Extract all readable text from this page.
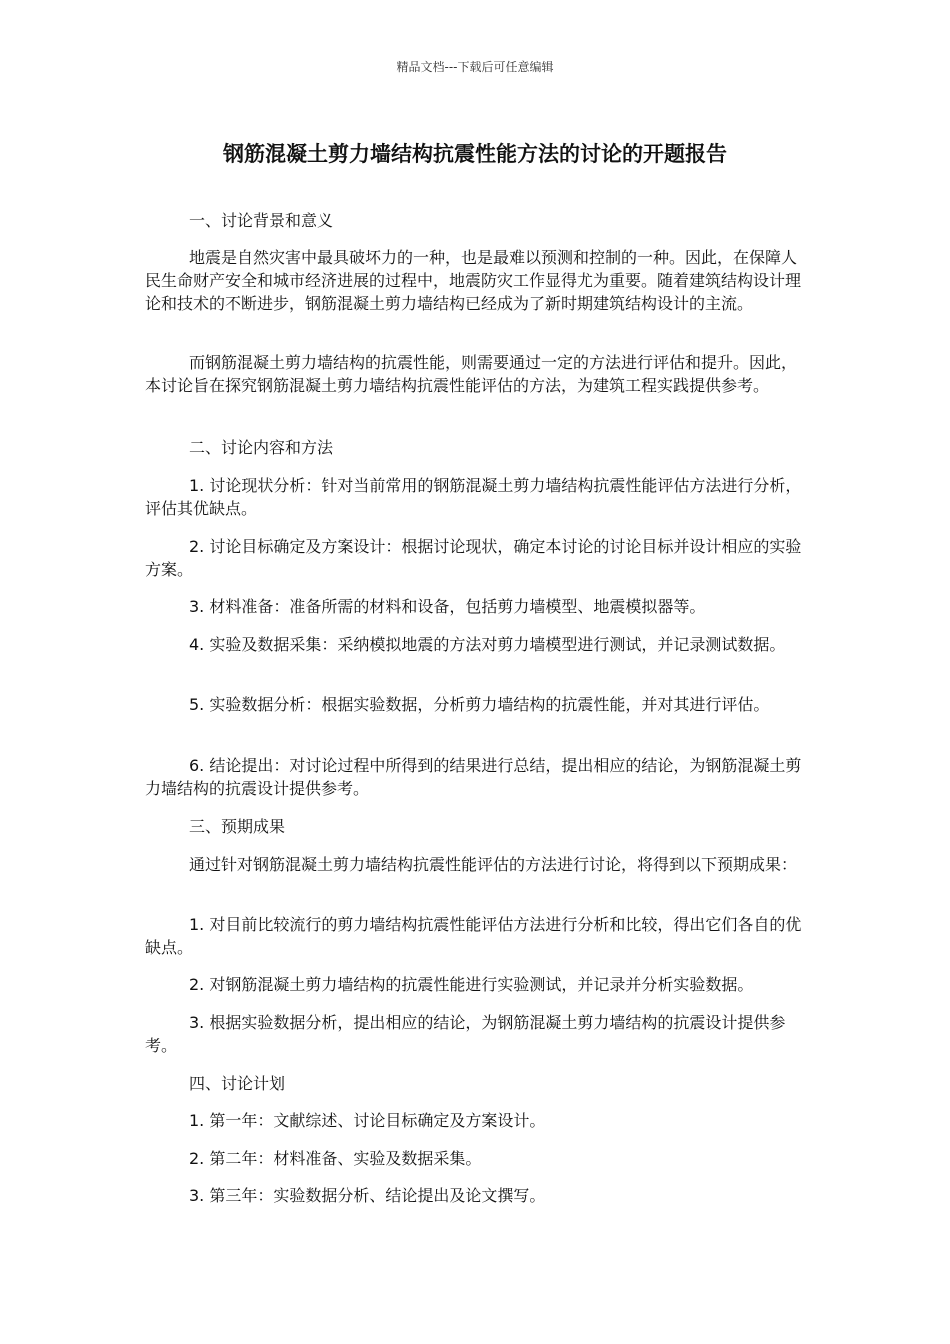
精品文档---下载后可任意编辑
钢筋混凝土剪力墙结构抗震性能方法的讨论的开题报告

一、讨论背景和意义

地震是自然灾害中最具破坏力的一种，也是最难以预测和控制的一种。因此，在保障人民生命财产安全和城市经济进展的过程中，地震防灾工作显得尤为重要。随着建筑结构设计理论和技术的不断进步，钢筋混凝土剪力墙结构已经成为了新时期建筑结构设计的主流。

而钢筋混凝土剪力墙结构的抗震性能，则需要通过一定的方法进行评估和提升。因此，本讨论旨在探究钢筋混凝土剪力墙结构抗震性能评估的方法，为建筑工程实践提供参考。

二、讨论内容和方法

1. 讨论现状分析：针对当前常用的钢筋混凝土剪力墙结构抗震性能评估方法进行分析，评估其优缺点。

2. 讨论目标确定及方案设计：根据讨论现状，确定本讨论的讨论目标并设计相应的实验方案。

3. 材料准备：准备所需的材料和设备，包括剪力墙模型、地震模拟器等。

4. 实验及数据采集：采纳模拟地震的方法对剪力墙模型进行测试，并记录测试数据。

5. 实验数据分析：根据实验数据，分析剪力墙结构的抗震性能，并对其进行评估。

6. 结论提出：对讨论过程中所得到的结果进行总结，提出相应的结论，为钢筋混凝土剪力墙结构的抗震设计提供参考。

三、预期成果

通过针对钢筋混凝土剪力墙结构抗震性能评估的方法进行讨论，将得到以下预期成果：

1. 对目前比较流行的剪力墙结构抗震性能评估方法进行分析和比较，得出它们各自的优缺点。

2. 对钢筋混凝土剪力墙结构的抗震性能进行实验测试，并记录并分析实验数据。

3. 根据实验数据分析，提出相应的结论，为钢筋混凝土剪力墙结构的抗震设计提供参考。

四、讨论计划

1. 第一年：文献综述、讨论目标确定及方案设计。

2. 第二年：材料准备、实验及数据采集。

3. 第三年：实验数据分析、结论提出及论文撰写。
